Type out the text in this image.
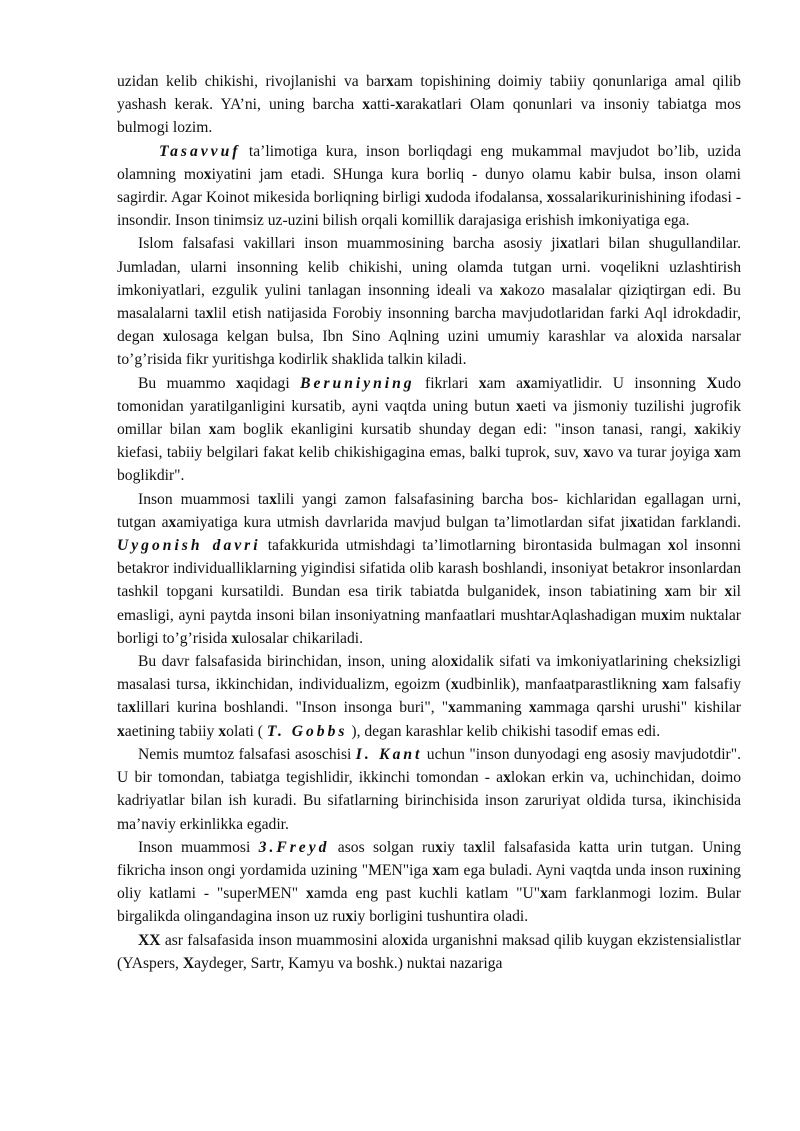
uzidan kelib chikishi, rivojlanishi va barxam topishining doimiy tabiiy qonunlariga amal qilib yashash kerak. YA’ni, uning barcha xatti-xarakatlari Olam qonunlari va insoniy tabiatga mos bulmogi lozim.

Tasavvuf ta’limotiga kura, inson borliqdagi eng mukammal mavjudot bo’lib, uzida olamning moxiyatini jam etadi. SHunga kura borliq - dunyo olamu kabir bulsa, inson olami sagirdir. Agar Koinot mikesida borliqning birligi xudoda ifodalansa, xossalarikurinishining ifodasi - insondir. Inson tinimsiz uz-uzini bilish orqali komillik darajasiga erishish imkoniyatiga ega.

Islom falsafasi vakillari inson muammosining barcha asosiy jixatlari bilan shugullandilar. Jumladan, ularni insonning kelib chikishi, uning olamda tutgan urni. voqelikni uzlashtirish imkoniyatlari, ezgulik yulini tanlagan insonning ideali va xakozo masalalar qiziqtirgan edi. Bu masalalarni taxlil etish natijasida Forobiy insonning barcha mavjudotlaridan farki Aql idrokdadir, degan xulosaga kelgan bulsa, Ibn Sino Aqlning uzini umumiy karashlar va aloxida narsalar to’g’risida fikr yuritishga kodirlik shaklida talkin kiladi.

Bu muammo xaqidagi Beruniyning fikrlari xam axamiyatlidir. U insonning Xudo tomonidan yaratilganligini kursatib, ayni vaqtda uning butun xaeti va jismoniy tuzilishi jugrofik omillar bilan xam boglik ekanligini kursatib shunday degan edi: "inson tanasi, rangi, xakikiy kiefasi, tabiiy belgilari fakat kelib chikishigagina emas, balki tuprok, suv, xavo va turar joyiga xam boglikdir".

Inson muammosi taxlili yangi zamon falsafasining barcha bos- kichlaridan egallagan urni, tutgan axamiyatiga kura utmish davrlarida mavjud bulgan ta’limotlardan sifat jixatidan farklandi. Uygonish davri tafakkurida utmishdagi ta’limotlarning birontasida bulmagan xol insonni betakror individualliklarning yigindisi sifatida olib karash boshlandi, insoniyat betakror insonlardan tashkil topgani kursatildi. Bundan esa tirik tabiatda bulganidek, inson tabiatining xam bir xil emasligi, ayni paytda insoni bilan insoniyatning manfaatlari mushtarAqlashadigan muxim nuktalar borligi to’g’risida xulosalar chikariladi.

Bu davr falsafasida birinchidan, inson, uning aloxidalik sifati va imkoniyatlarining cheksizligi masalasi tursa, ikkinchidan, individualizm, egoizm (xudbinlik), manfaatparastlikning xam falsafiy taxlillari kurina boshlandi. "Inson insonga buri", "xammaning xammaga qarshi urushi" kishilar xaetining tabiiy xolati ( T. Gobbs ), degan karashlar kelib chikishi tasodif emas edi.

Nemis mumtoz falsafasi asoschisi I. Kant uchun "inson dunyodagi eng asosiy mavjudotdir". U bir tomondan, tabiatga tegishlidir, ikkinchi tomondan - axlokan erkin va, uchinchidan, doimo kadriyatlar bilan ish kuradi. Bu sifatlarning birinchisida inson zaruriyat oldida tursa, ikinchisida ma’naviy erkinlikka egadir.

Inson muammosi 3.Freyd asos solgan ruxiy taxlil falsafasida katta urin tutgan. Uning fikricha inson ongi yordamida uzining "MEN"iga xam ega buladi. Ayni vaqtda unda inson ruxining oliy katlami - "superMEN" xamda eng past kuchli katlam "U"xam farklanmogi lozim. Bular birgalikda olingandagina inson uz ruxiy borligini tushuntira oladi.

XX asr falsafasida inson muammosini aloxida urganishni maksad qilib kuygan ekzistensialistlar (YAspers, Xaydeger, Sartr, Kamyu va boshk.) nuktai nazariga
